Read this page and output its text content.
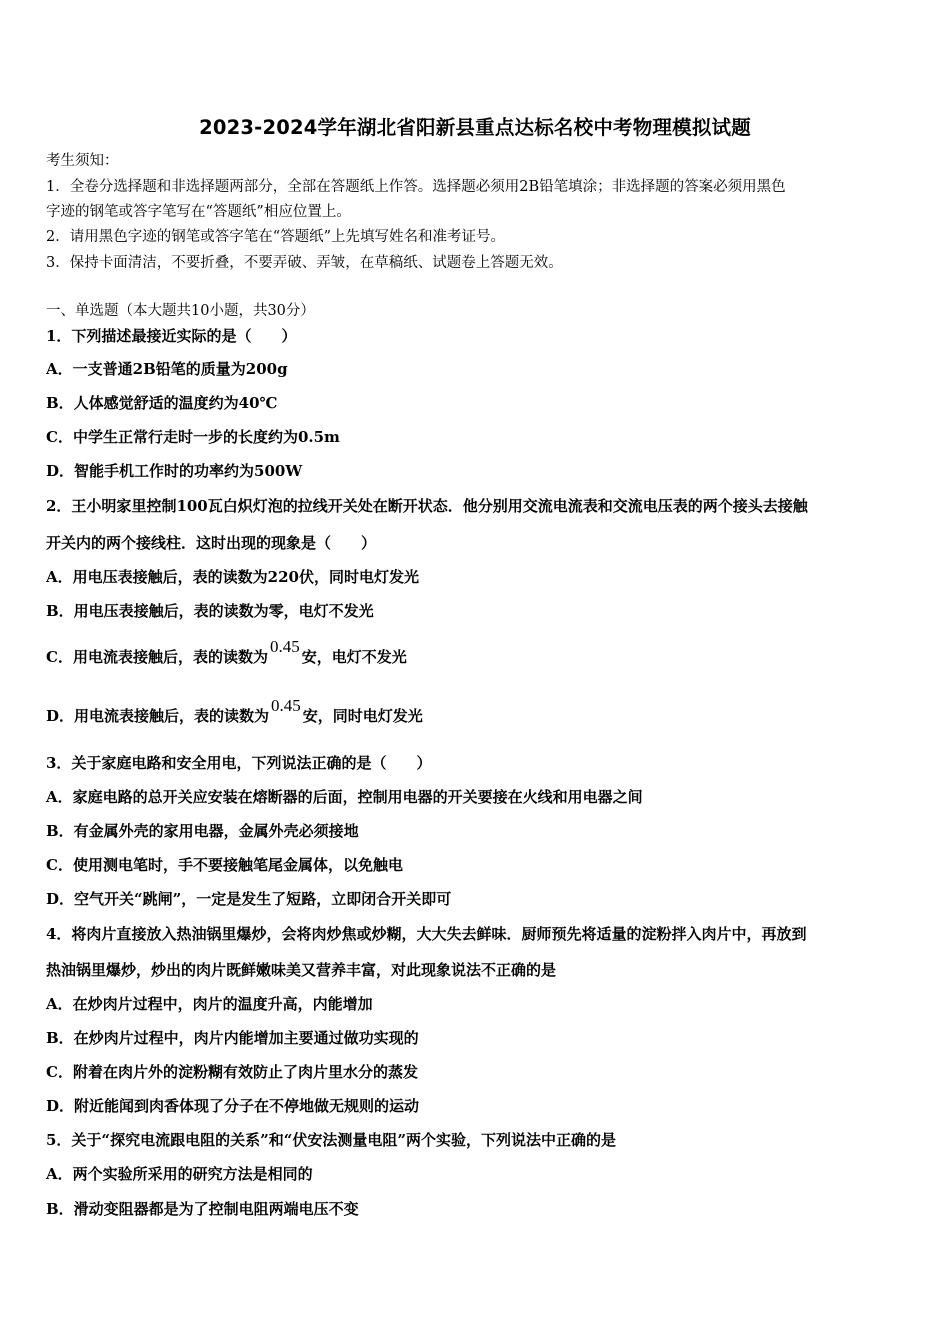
2023-2024学年湖北省阳新县重点达标名校中考物理模拟试题
考生须知：
1．全卷分选择题和非选择题两部分，全部在答题纸上作答。选择题必须用2B铅笔填涂；非选择题的答案必须用黑色
字迹的钢笔或答字笔写在“答题纸”相应位置上。
2．请用黑色字迹的钢笔或答字笔在“答题纸”上先填写姓名和准考证号。
3．保持卡面清洁，不要折叠，不要弄破、弄皱，在草稿纸、试题卷上答题无效。
一、单选题（本大题共10小题，共30分）
1．下列描述最接近实际的是（　　）
A．一支普通2B铅笔的质量为200g
B．人体感觉舒适的温度约为40℃
C．中学生正常行走时一步的长度约为0.5m
D．智能手机工作时的功率约为500W
2．王小明家里控制100瓦白炽灯泡的拉线开关处在断开状态．他分别用交流电流表和交流电压表的两个接头去接触
开关内的两个接线柱．这时出现的现象是（　　）
A．用电压表接触后，表的读数为220伏，同时电灯发光
B．用电压表接触后，表的读数为零，电灯不发光
C．用电流表接触后，表的读数为0.45安，电灯不发光
D．用电流表接触后，表的读数为0.45安，同时电灯发光
3．关于家庭电路和安全用电，下列说法正确的是（　　）
A．家庭电路的总开关应安装在熔断器的后面，控制用电器的开关要接在火线和用电器之间
B．有金属外壳的家用电器，金属外壳必须接地
C．使用测电笔时，手不要接触笔尾金属体，以免触电
D．空气开关“跳闸”，一定是发生了短路，立即闭合开关即可
4．将肉片直接放入热油锅里爆炒，会将肉炒焦或炒糊，大大失去鲜味．厨师预先将适量的淀粉拌入肉片中，再放到
热油锅里爆炒，炒出的肉片既鲜嫩味美又营养丰富，对此现象说法不正确的是
A．在炒肉片过程中，肉片的温度升高，内能增加
B．在炒肉片过程中，肉片内能增加主要通过做功实现的
C．附着在肉片外的淀粉糊有效防止了肉片里水分的蒸发
D．附近能闻到肉香体现了分子在不停地做无规则的运动
5．关于“探究电流跟电阻的关系”和“伏安法测量电阻”两个实验，下列说法中正确的是
A．两个实验所采用的研究方法是相同的
B．滑动变阻器都是为了控制电阻两端电压不变
